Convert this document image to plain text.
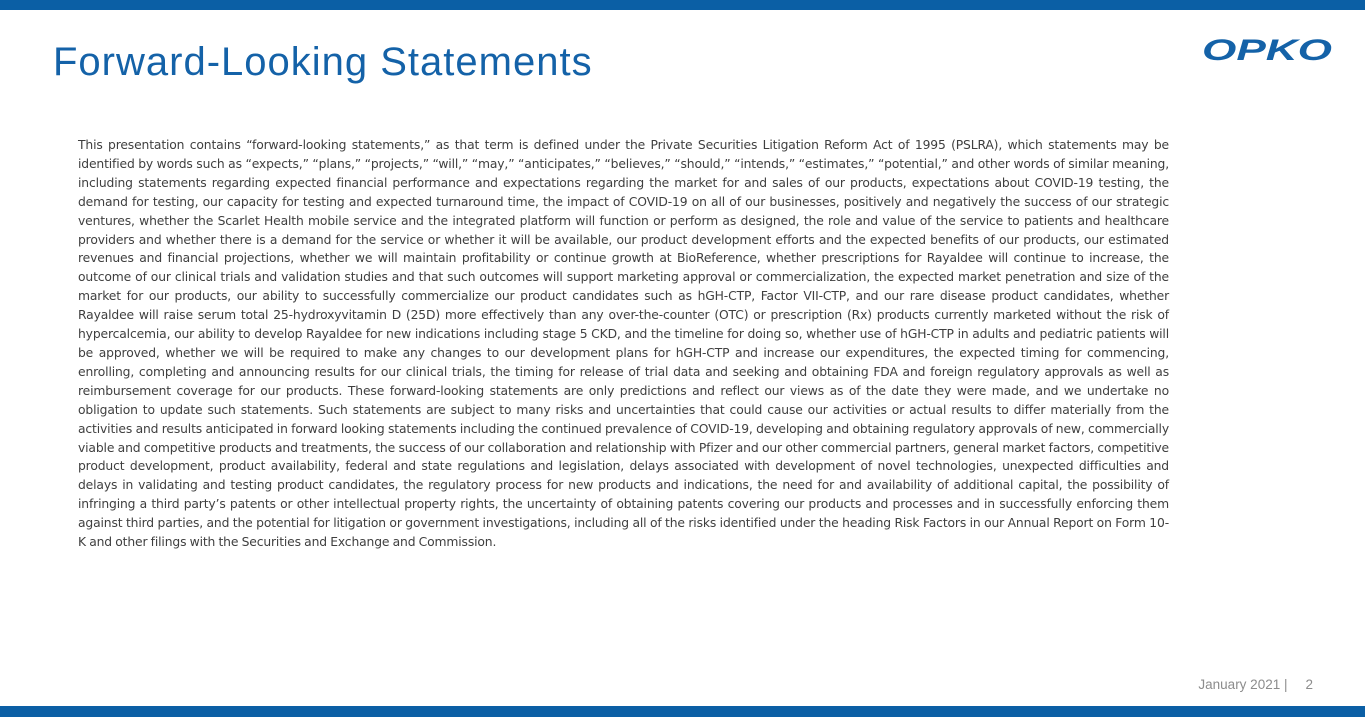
Forward-Looking Statements	OPKO

This presentation contains “forward-looking statements,” as that term is defined under the Private Securities Litigation Reform Act of 1995 (PSLRA), which statements may be identified by words such as “expects,” “plans,” “projects,” “will,” “may,” “anticipates,” “believes,” “should,” “intends,” “estimates,” “potential,” and other words of similar meaning, including statements regarding expected financial performance and expectations regarding the market for and sales of our products, expectations about COVID-19 testing, the demand for testing, our capacity for testing and expected turnaround time, the impact of COVID-19 on all of our businesses, positively and negatively the success of our strategic ventures, whether the Scarlet Health mobile service and the integrated platform will function or perform as designed, the role and value of the service to patients and healthcare providers and whether there is a demand for the service or whether it will be available, our product development efforts and the expected benefits of our products, our estimated revenues and financial projections, whether we will maintain profitability or continue growth at BioReference, whether prescriptions for Rayaldee will continue to increase, the outcome of our clinical trials and validation studies and that such outcomes will support marketing approval or commercialization, the expected market penetration and size of the market for our products, our ability to successfully commercialize our product candidates such as hGH-CTP, Factor VII-CTP, and our rare disease product candidates, whether Rayaldee will raise serum total 25-hydroxyvitamin D (25D) more effectively than any over-the-counter (OTC) or prescription (Rx) products currently marketed without the risk of hypercalcemia, our ability to develop Rayaldee for new indications including stage 5 CKD, and the timeline for doing so, whether use of hGH-CTP in adults and pediatric patients will be approved, whether we will be required to make any changes to our development plans for hGH-CTP and increase our expenditures, the expected timing for commencing, enrolling, completing and announcing results for our clinical trials, the timing for release of trial data and seeking and obtaining FDA and foreign regulatory approvals as well as reimbursement coverage for our products. These forward-looking statements are only predictions and reflect our views as of the date they were made, and we undertake no obligation to update such statements. Such statements are subject to many risks and uncertainties that could cause our activities or actual results to differ materially from the activities and results anticipated in forward looking statements including the continued prevalence of COVID-19, developing and obtaining regulatory approvals of new, commercially viable and competitive products and treatments, the success of our collaboration and relationship with Pfizer and our other commercial partners, general market factors, competitive product development, product availability, federal and state regulations and legislation, delays associated with development of novel technologies, unexpected difficulties and delays in validating and testing product candidates, the regulatory process for new products and indications, the need for and availability of additional capital, the possibility of infringing a third party’s patents or other intellectual property rights, the uncertainty of obtaining patents covering our products and processes and in successfully enforcing them against third parties, and the potential for litigation or government investigations, including all of the risks identified under the heading Risk Factors in our Annual Report on Form 10-K and other filings with the Securities and Exchange and Commission.

January 2021 | 2
